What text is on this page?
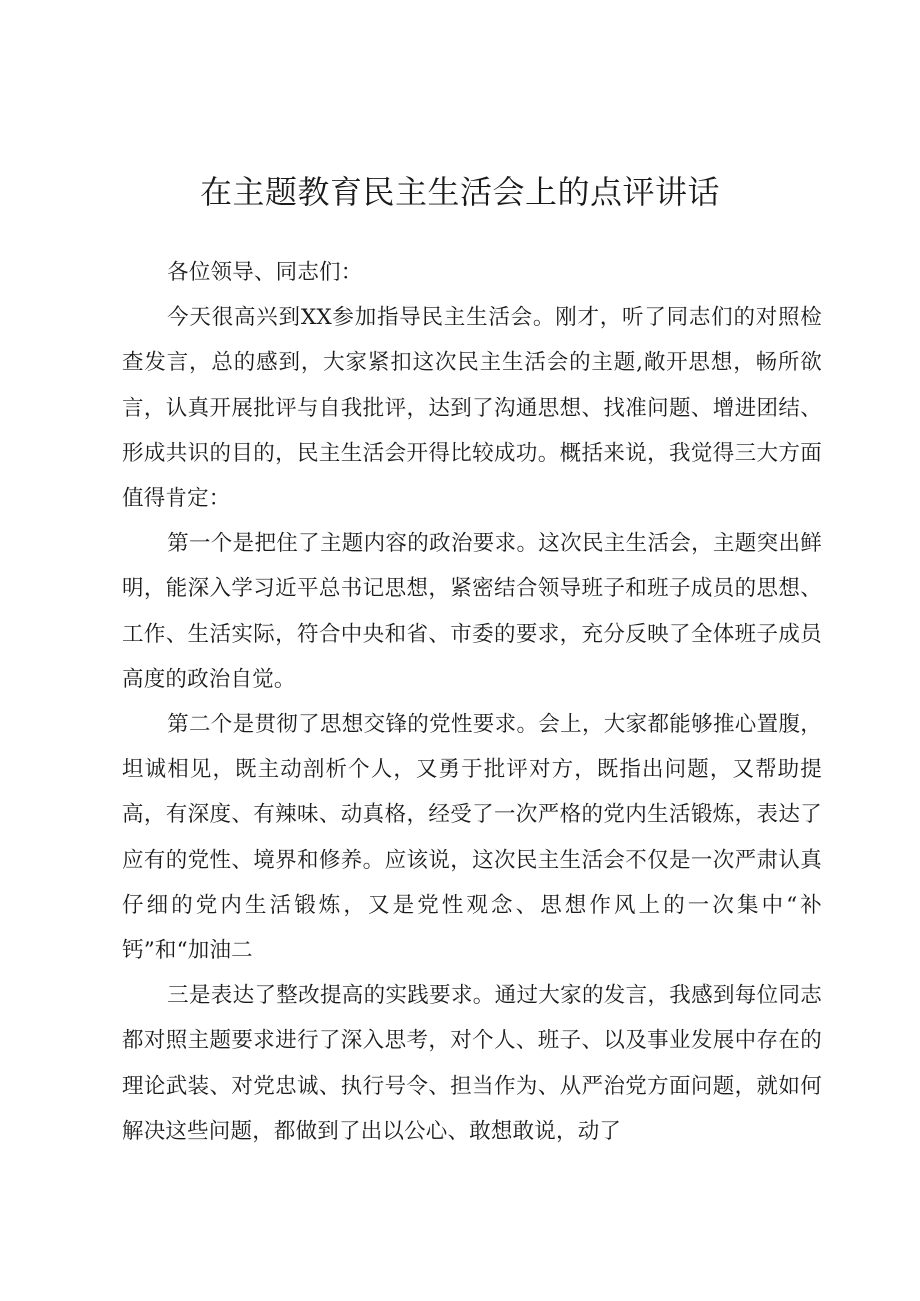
在主题教育民主生活会上的点评讲话

各位领导、同志们：

今天很高兴到XX参加指导民主生活会。刚才，听了同志们的对照检查发言，总的感到，大家紧扣这次民主生活会的主题,敞开思想，畅所欲言，认真开展批评与自我批评，达到了沟通思想、找准问题、增进团结、形成共识的目的，民主生活会开得比较成功。概括来说，我觉得三大方面值得肯定：

第一个是把住了主题内容的政治要求。这次民主生活会，主题突出鲜明，能深入学习近平总书记思想，紧密结合领导班子和班子成员的思想、工作、生活实际，符合中央和省、市委的要求，充分反映了全体班子成员高度的政治自觉。

第二个是贯彻了思想交锋的党性要求。会上，大家都能够推心置腹，坦诚相见，既主动剖析个人，又勇于批评对方，既指出问题，又帮助提高，有深度、有辣味、动真格，经受了一次严格的党内生活锻炼，表达了应有的党性、境界和修养。应该说，这次民主生活会不仅是一次严肃认真仔细的党内生活锻炼，又是党性观念、思想作风上的一次集中“补钙”和“加油二

三是表达了整改提高的实践要求。通过大家的发言，我感到每位同志都对照主题要求进行了深入思考，对个人、班子、以及事业发展中存在的理论武装、对党忠诚、执行号令、担当作为、从严治党方面问题，就如何解决这些问题，都做到了出以公心、敢想敢说，动了
